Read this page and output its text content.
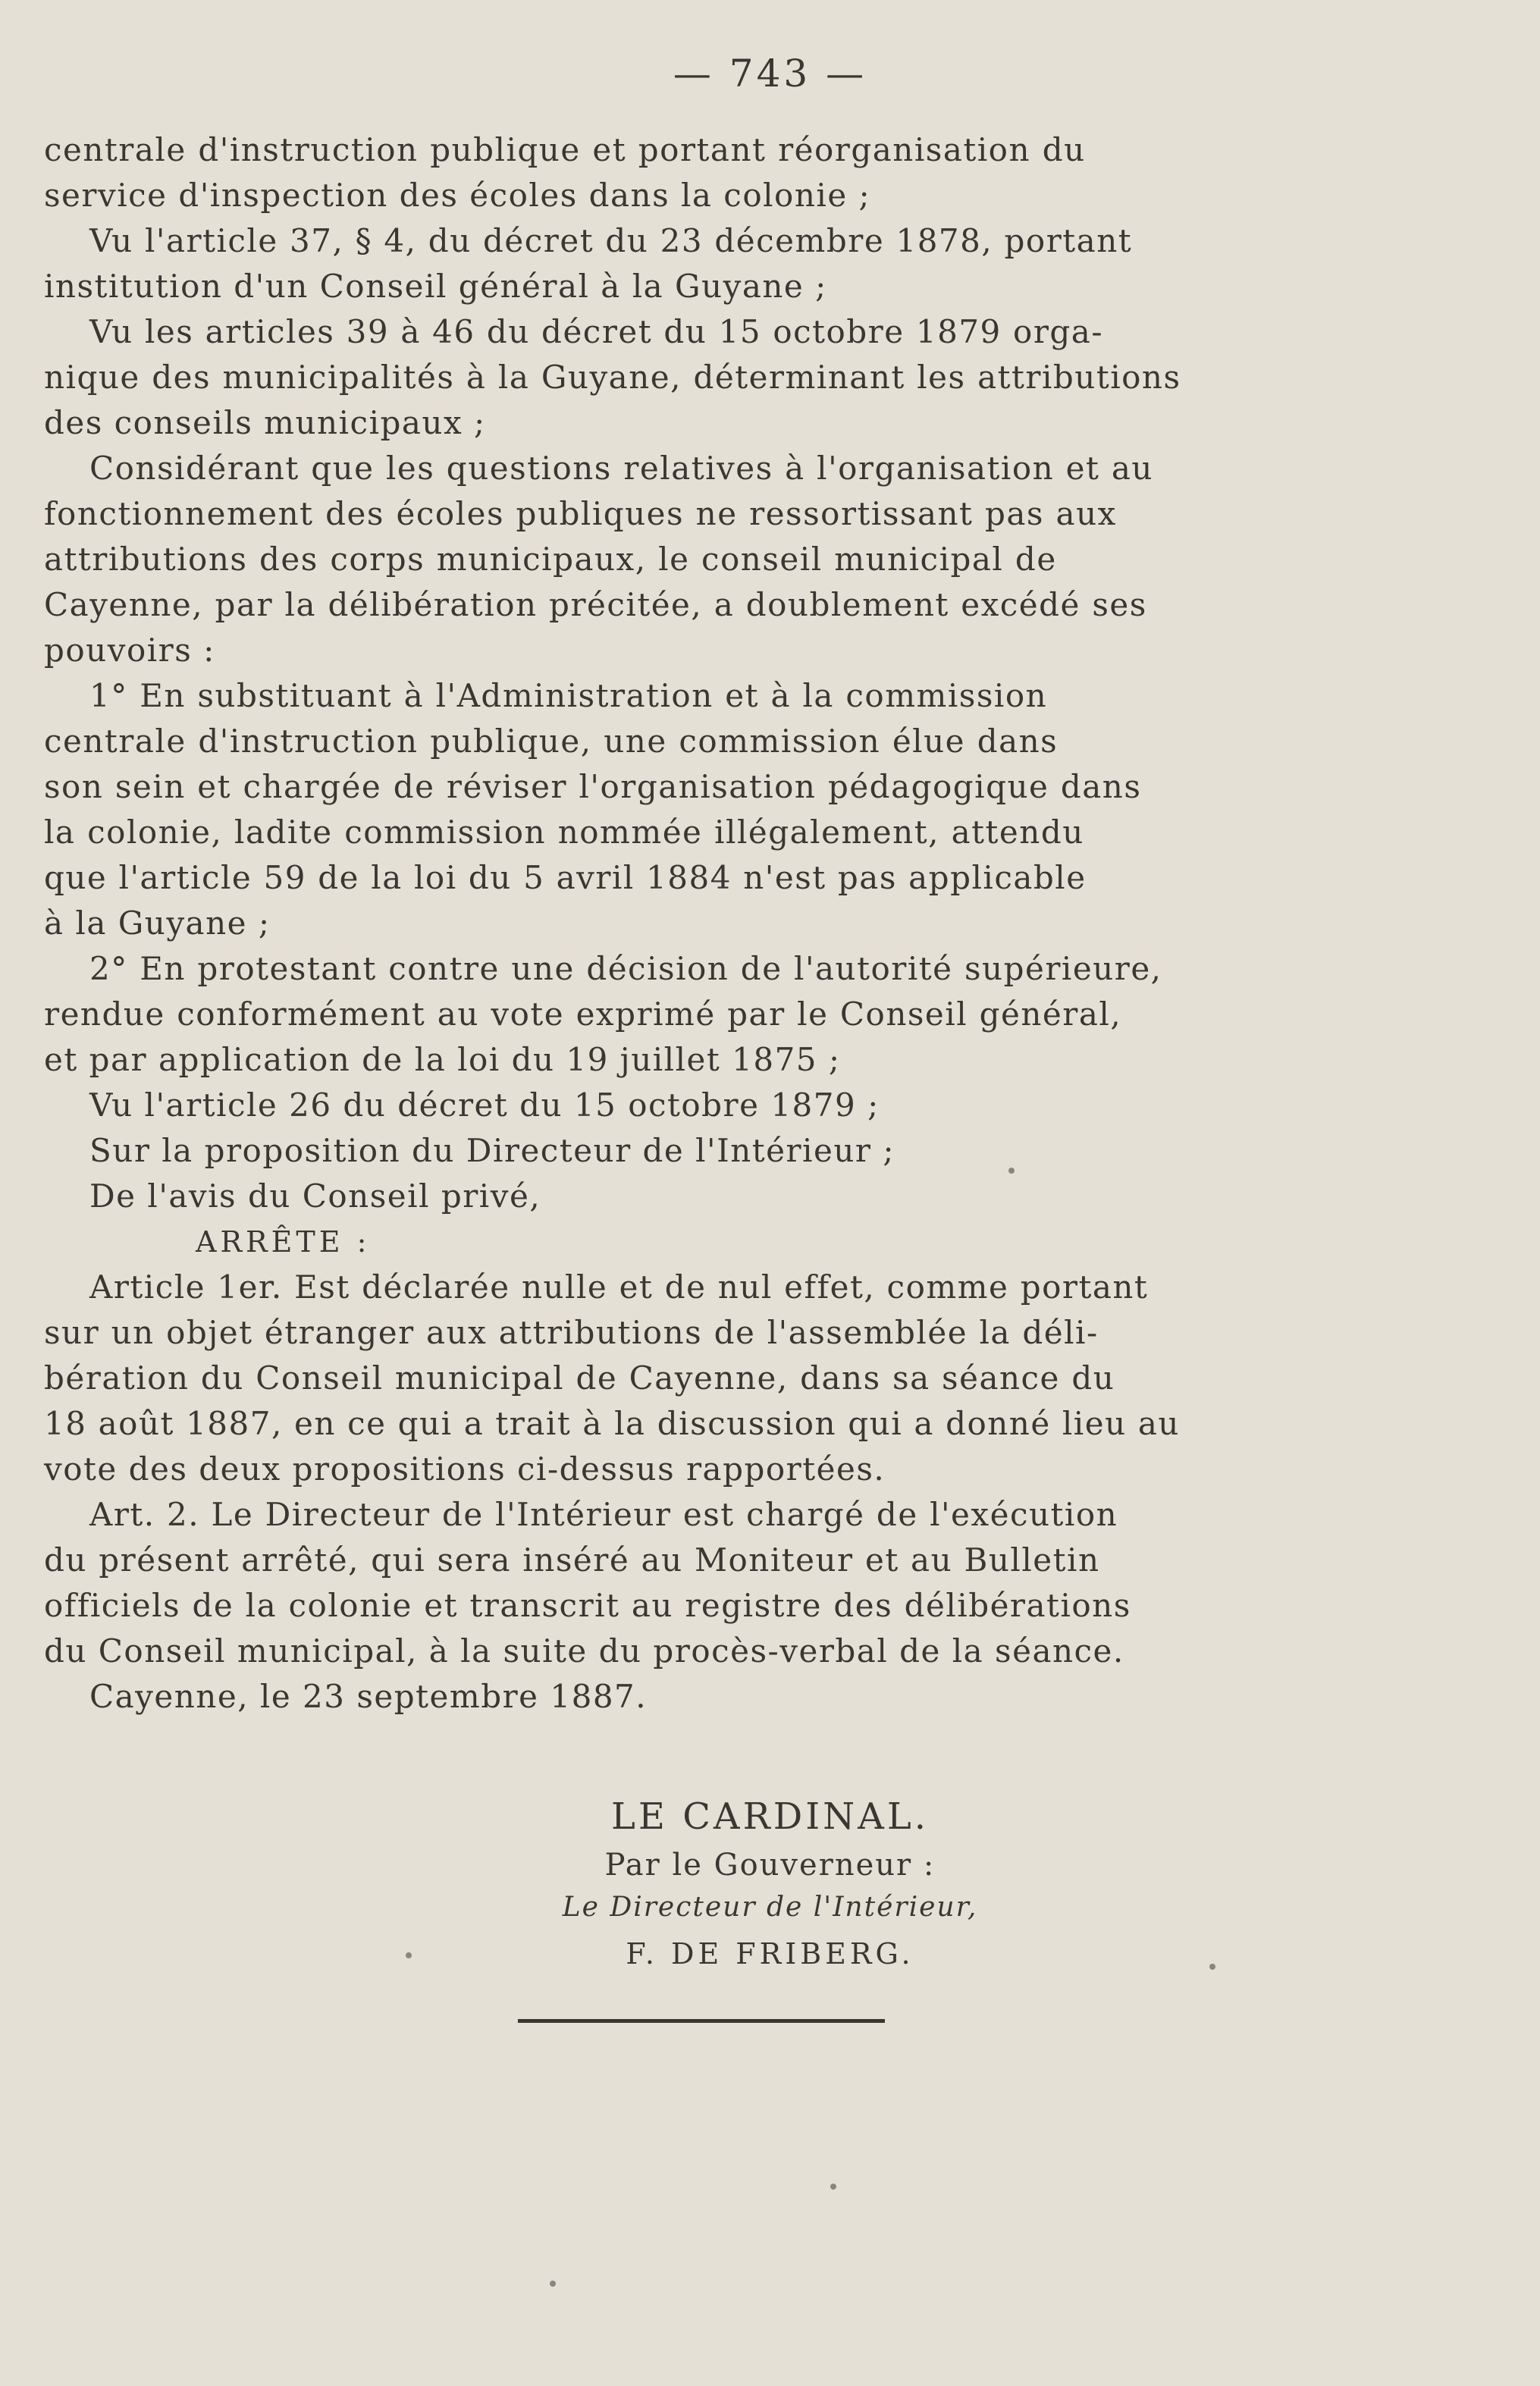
— 743 —
centrale d'instruction publique et portant réorganisation du
service d'inspection des écoles dans la colonie ;
Vu l'article 37, § 4, du décret du 23 décembre 1878, portant
institution d'un Conseil général à la Guyane ;
Vu les articles 39 à 46 du décret du 15 octobre 1879 orga-
nique des municipalités à la Guyane, déterminant les attributions
des conseils municipaux ;
Considérant que les questions relatives à l'organisation et au
fonctionnement des écoles publiques ne ressortissant pas aux
attributions des corps municipaux, le conseil municipal de
Cayenne, par la délibération précitée, a doublement excédé ses
pouvoirs :
1° En substituant à l'Administration et à la commission
centrale d'instruction publique, une commission élue dans
son sein et chargée de réviser l'organisation pédagogique dans
la colonie, ladite commission nommée illégalement, attendu
que l'article 59 de la loi du 5 avril 1884 n'est pas applicable
à la Guyane ;
2° En protestant contre une décision de l'autorité supérieure,
rendue conformément au vote exprimé par le Conseil général,
et par application de la loi du 19 juillet 1875 ;
Vu l'article 26 du décret du 15 octobre 1879 ;
Sur la proposition du Directeur de l'Intérieur ;
De l'avis du Conseil privé,
ARRÊTE :
Article 1er. Est déclarée nulle et de nul effet, comme portant
sur un objet étranger aux attributions de l'assemblée la déli-
bération du Conseil municipal de Cayenne, dans sa séance du
18 août 1887, en ce qui a trait à la discussion qui a donné lieu au
vote des deux propositions ci-dessus rapportées.
Art. 2. Le Directeur de l'Intérieur est chargé de l'exécution
du présent arrêté, qui sera inséré au Moniteur et au Bulletin
officiels de la colonie et transcrit au registre des délibérations
du Conseil municipal, à la suite du procès-verbal de la séance.
Cayenne, le 23 septembre 1887.
LE CARDINAL.
Par le Gouverneur :
Le Directeur de l'Intérieur,
F. DE FRIBERG.
